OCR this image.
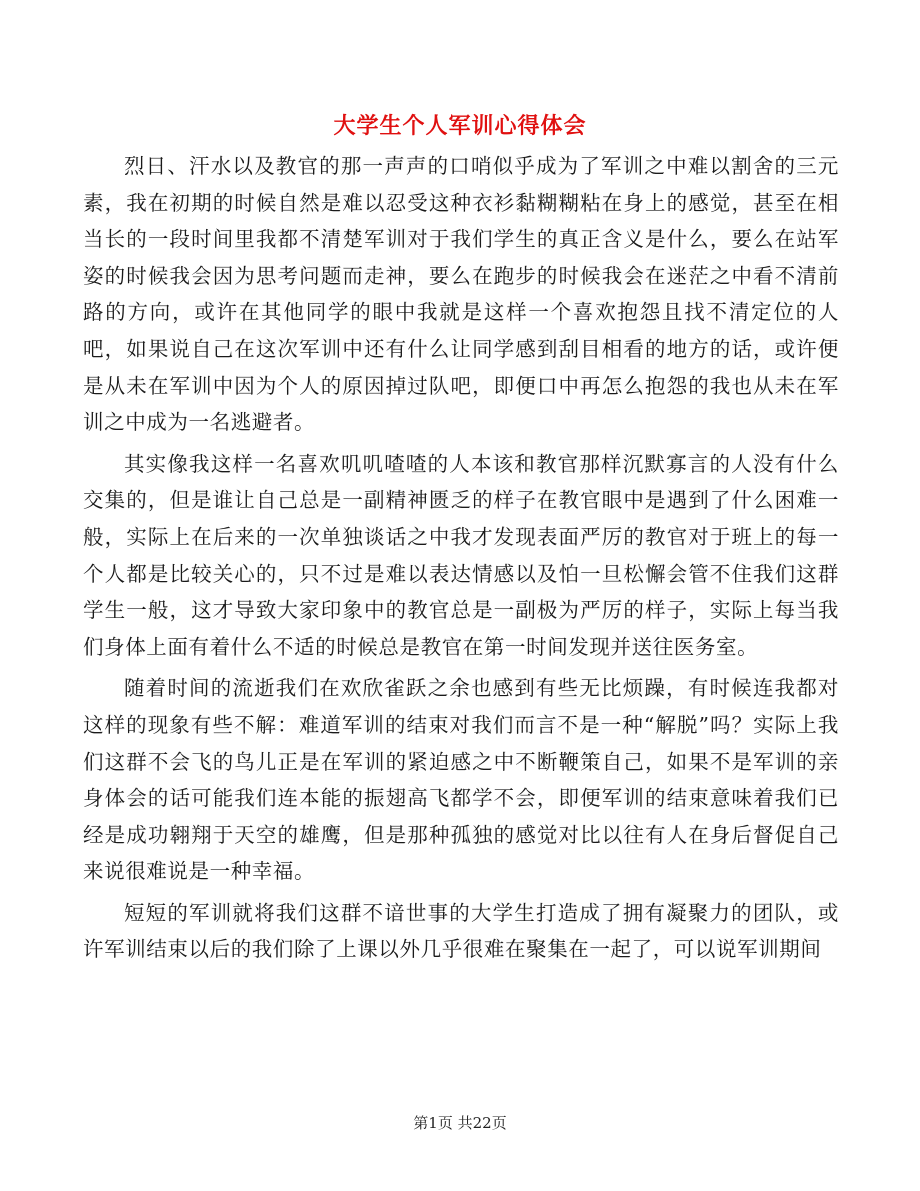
大学生个人军训心得体会

烈日、汗水以及教官的那一声声的口哨似乎成为了军训之中难以割舍的三元素，我在初期的时候自然是难以忍受这种衣衫黏糊糊粘在身上的感觉，甚至在相当长的一段时间里我都不清楚军训对于我们学生的真正含义是什么，要么在站军姿的时候我会因为思考问题而走神，要么在跑步的时候我会在迷茫之中看不清前路的方向，或许在其他同学的眼中我就是这样一个喜欢抱怨且找不清定位的人吧，如果说自己在这次军训中还有什么让同学感到刮目相看的地方的话，或许便是从未在军训中因为个人的原因掉过队吧，即便口中再怎么抱怨的我也从未在军训之中成为一名逃避者。

其实像我这样一名喜欢叽叽喳喳的人本该和教官那样沉默寡言的人没有什么交集的，但是谁让自己总是一副精神匮乏的样子在教官眼中是遇到了什么困难一般，实际上在后来的一次单独谈话之中我才发现表面严厉的教官对于班上的每一个人都是比较关心的，只不过是难以表达情感以及怕一旦松懈会管不住我们这群学生一般，这才导致大家印象中的教官总是一副极为严厉的样子，实际上每当我们身体上面有着什么不适的时候总是教官在第一时间发现并送往医务室。

随着时间的流逝我们在欢欣雀跃之余也感到有些无比烦躁，有时候连我都对这样的现象有些不解：难道军训的结束对我们而言不是一种“解脱”吗？实际上我们这群不会飞的鸟儿正是在军训的紧迫感之中不断鞭策自己，如果不是军训的亲身体会的话可能我们连本能的振翅高飞都学不会，即便军训的结束意味着我们已经是成功翱翔于天空的雄鹰，但是那种孤独的感觉对比以往有人在身后督促自己来说很难说是一种幸福。

短短的军训就将我们这群不谙世事的大学生打造成了拥有凝聚力的团队，或许军训结束以后的我们除了上课以外几乎很难在聚集在一起了，可以说军训期间

第1页 共22页
